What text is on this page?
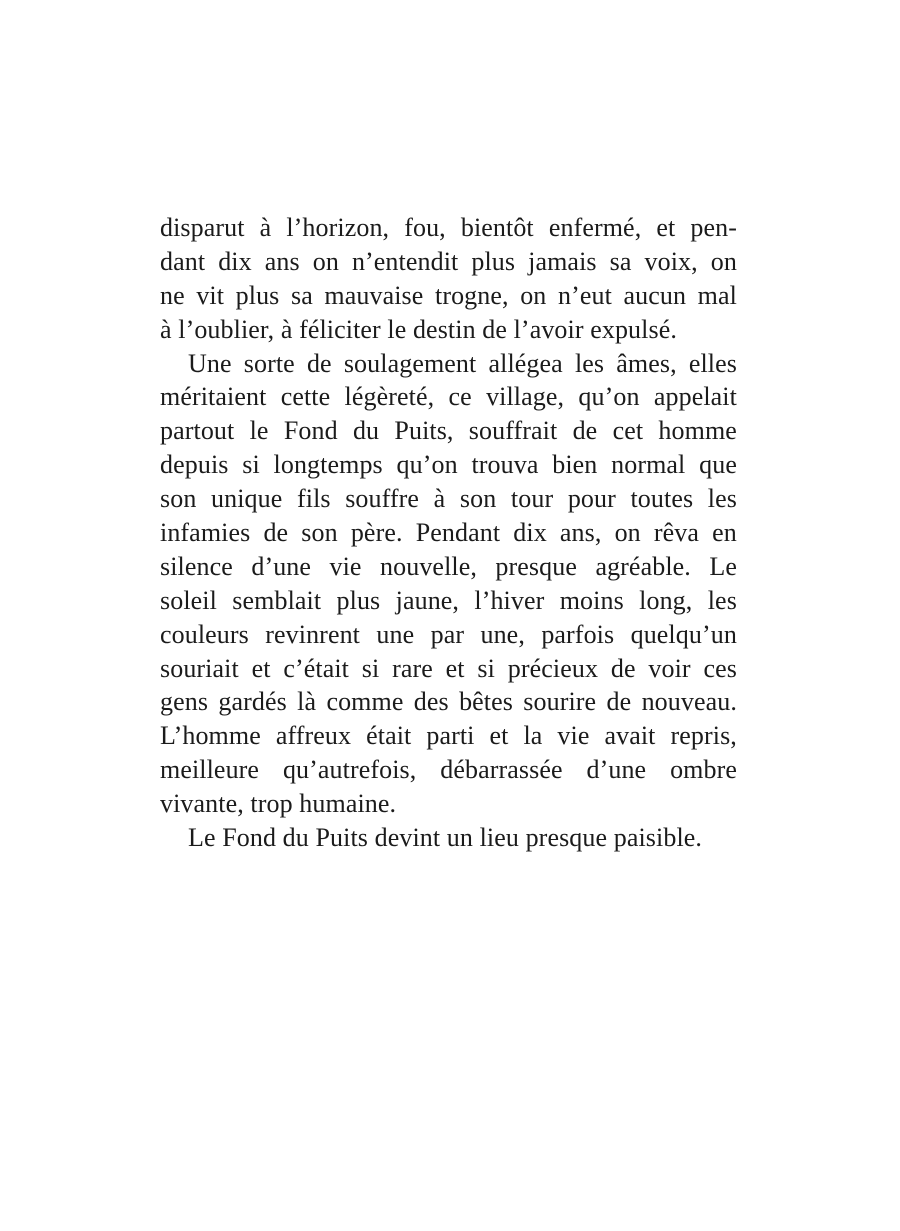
disparut à l’horizon, fou, bientôt enfermé, et pen-
dant dix ans on n’entendit plus jamais sa voix, on
ne vit plus sa mauvaise trogne, on n’eut aucun mal
à l’oublier, à féliciter le destin de l’avoir expulsé.
Une sorte de soulagement allégea les âmes, elles
méritaient cette légèreté, ce village, qu’on appelait
partout le Fond du Puits, souffrait de cet homme
depuis si longtemps qu’on trouva bien normal que
son unique fils souffre à son tour pour toutes les
infamies de son père. Pendant dix ans, on rêva en
silence d’une vie nouvelle, presque agréable. Le
soleil semblait plus jaune, l’hiver moins long, les
couleurs revinrent une par une, parfois quelqu’un
souriait et c’était si rare et si précieux de voir ces
gens gardés là comme des bêtes sourire de nouveau.
L’homme affreux était parti et la vie avait repris,
meilleure qu’autrefois, débarrassée d’une ombre
vivante, trop humaine.
Le Fond du Puits devint un lieu presque paisible.
